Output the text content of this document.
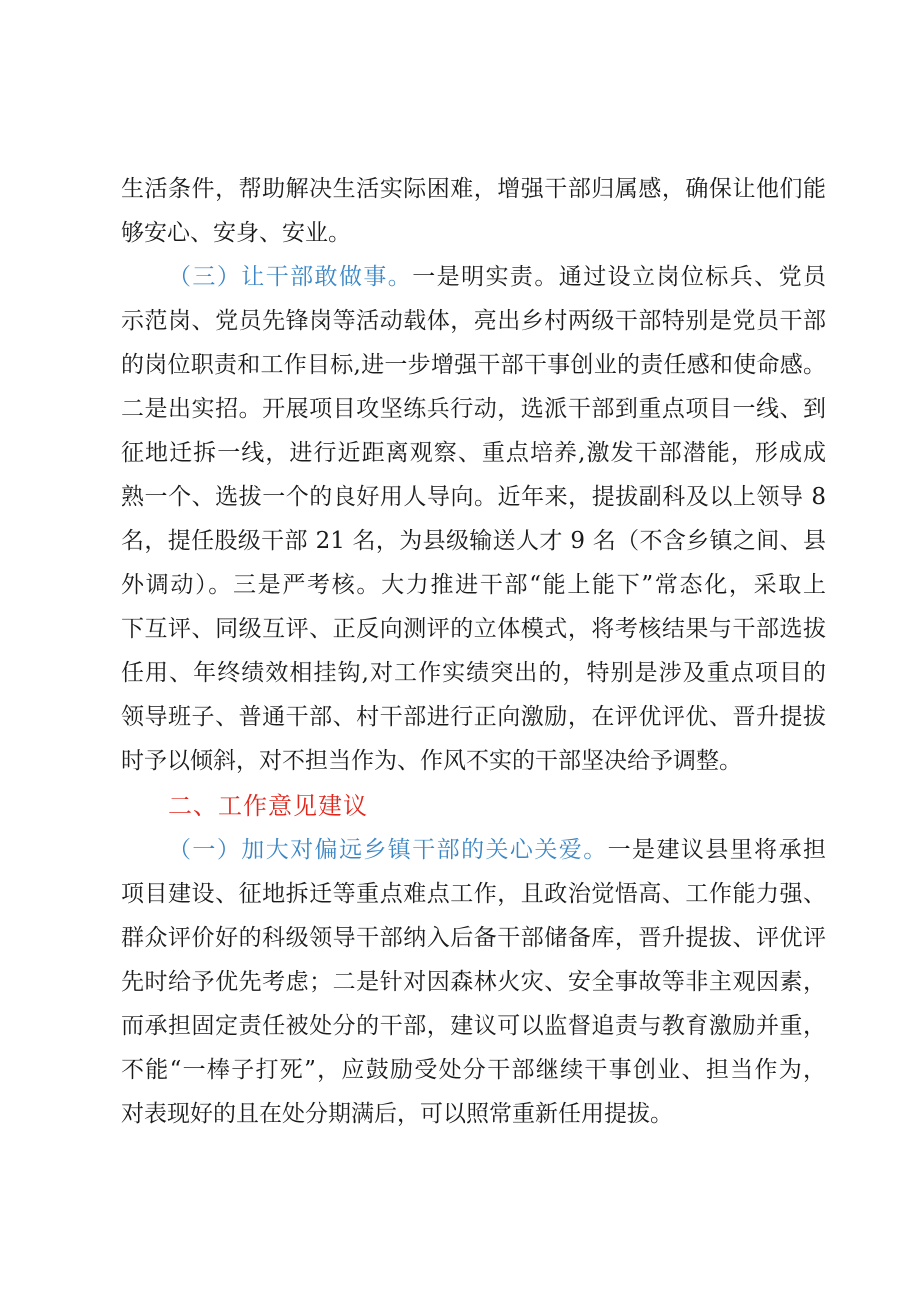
生活条件，帮助解决生活实际困难，增强干部归属感，确保让他们能
够安心、安身、安业。
（三）让干部敢做事。一是明实责。通过设立岗位标兵、党员
示范岗、党员先锋岗等活动载体，亮出乡村两级干部特别是党员干部
的岗位职责和工作目标,进一步增强干部干事创业的责任感和使命感。
二是出实招。开展项目攻坚练兵行动，选派干部到重点项目一线、到
征地迁拆一线，进行近距离观察、重点培养,激发干部潜能，形成成
熟一个、选拔一个的良好用人导向。近年来，提拔副科及以上领导 8
名，提任股级干部 21 名，为县级输送人才 9 名（不含乡镇之间、县
外调动）。三是严考核。大力推进干部“能上能下”常态化，采取上
下互评、同级互评、正反向测评的立体模式，将考核结果与干部选拔
任用、年终绩效相挂钩,对工作实绩突出的，特别是涉及重点项目的
领导班子、普通干部、村干部进行正向激励，在评优评优、晋升提拔
时予以倾斜，对不担当作为、作风不实的干部坚决给予调整。
二、工作意见建议
（一）加大对偏远乡镇干部的关心关爱。一是建议县里将承担
项目建设、征地拆迁等重点难点工作，且政治觉悟高、工作能力强、
群众评价好的科级领导干部纳入后备干部储备库，晋升提拔、评优评
先时给予优先考虑；二是针对因森林火灾、安全事故等非主观因素，
而承担固定责任被处分的干部，建议可以监督追责与教育激励并重，
不能“一棒子打死”，应鼓励受处分干部继续干事创业、担当作为，
对表现好的且在处分期满后，可以照常重新任用提拔。
